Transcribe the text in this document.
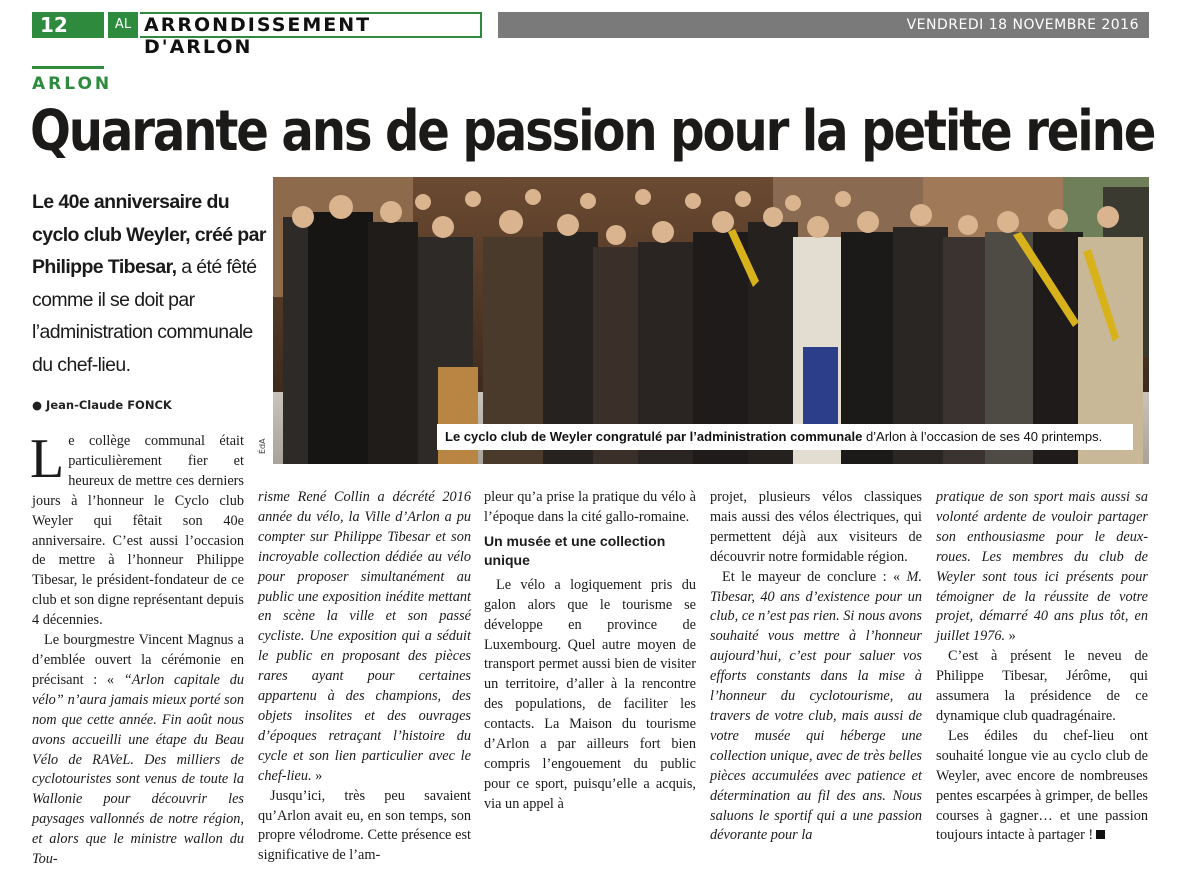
12	AL ARRONDISSEMENT D'ARLON
VENDREDI 18 NOVEMBRE 2016
ARLON
Quarante ans de passion pour la petite reine
Le 40e anniversaire du cyclo club Weyler, créé par Philippe Tibesar, a été fêté comme il se doit par l’administration communale du chef-lieu.
● Jean-Claude FONCK
Le cyclo club de Weyler congratulé par l’administration communale d’Arlon à l’occasion de ses 40 printemps.
ÉdA
L e collège communal était particulièrement fier et heureux de mettre ces derniers jours à l’honneur le Cyclo club Weyler qui fêtait son 40e anniversaire. C’est aussi l’occasion de mettre à l’honneur Philippe Tibesar, le président-fondateur de ce club et son digne représentant depuis 4 décennies.

Le bourgmestre Vincent Magnus a d’emblée ouvert la cérémonie en précisant : « “Arlon capitale du vélo” n’aura jamais mieux porté son nom que cette année. Fin août nous avons accueilli une étape du Beau Vélo de RAVeL. Des milliers de cyclotouristes sont venus de toute la Wallonie pour découvrir les paysages vallonnés de notre région, et alors que le ministre wallon du Tou-

risme René Collin a décrété 2016 année du vélo, la Ville d’Arlon a pu compter sur Philippe Tibesar et son incroyable collection dédiée au vélo pour proposer simultanément au public une exposition inédite mettant en scène la ville et son passé cycliste. Une exposition qui a séduit le public en proposant des pièces rares ayant pour certaines appartenu à des champions, des objets insolites et des ouvrages d’époques retraçant l’histoire du cycle et son lien particulier avec le chef-lieu. »

Jusqu’ici, très peu savaient qu’Arlon avait eu, en son temps, son propre vélodrome. Cette présence est significative de l’am-

pleur qu’a prise la pratique du vélo à l’époque dans la cité gallo-romaine.

Un musée et une collection unique

Le vélo a logiquement pris du galon alors que le tourisme se développe en province de Luxembourg. Quel autre moyen de transport permet aussi bien de visiter un territoire, d’aller à la rencontre des populations, de faciliter les contacts. La Maison du tourisme d’Arlon a par ailleurs fort bien compris l’engouement du public pour ce sport, puisqu’elle a acquis, via un appel à

projet, plusieurs vélos classiques mais aussi des vélos électriques, qui permettent déjà aux visiteurs de découvrir notre formidable région.

Et le mayeur de conclure : « M. Tibesar, 40 ans d’existence pour un club, ce n’est pas rien. Si nous avons souhaité vous mettre à l’honneur aujourd’hui, c’est pour saluer vos efforts constants dans la mise à l’honneur du cyclotourisme, au travers de votre club, mais aussi de votre musée qui héberge une collection unique, avec de très belles pièces accumulées avec patience et détermination au fil des ans. Nous saluons le sportif qui a une passion dévorante pour la

pratique de son sport mais aussi sa volonté ardente de vouloir partager son enthousiasme pour le deux-roues. Les membres du club de Weyler sont tous ici présents pour témoigner de la réussite de votre projet, démarré 40 ans plus tôt, en juillet 1976. »

C’est à présent le neveu de Philippe Tibesar, Jérôme, qui assumera la présidence de ce dynamique club quadragénaire.

Les édiles du chef-lieu ont souhaité longue vie au cyclo club de Weyler, avec encore de nombreuses pentes escarpées à grimper, de belles courses à gagner… et une passion toujours intacte à partager !
